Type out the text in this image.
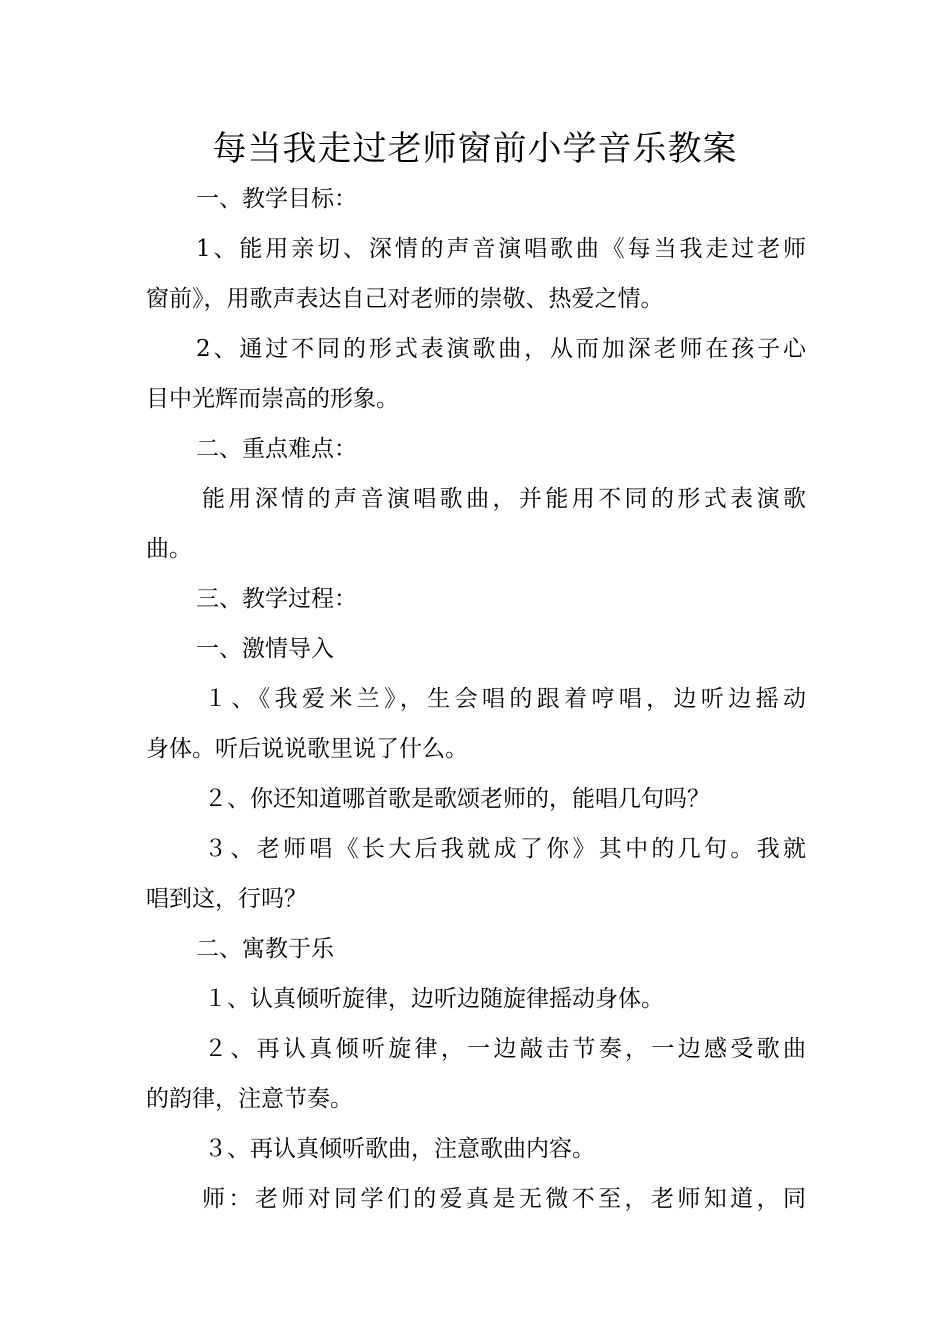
每当我走过老师窗前小学音乐教案
一、教学目标：
1、能用亲切、深情的声音演唱歌曲《每当我走过老师
窗前》，用歌声表达自己对老师的崇敬、热爱之情。
2、通过不同的形式表演歌曲，从而加深老师在孩子心
目中光辉而崇高的形象。
二、重点难点：
能用深情的声音演唱歌曲，并能用不同的形式表演歌
曲。
三、教学过程：
一、激情导入
１、《我爱米兰》，生会唱的跟着哼唱，边听边摇动
身体。听后说说歌里说了什么。
２、你还知道哪首歌是歌颂老师的，能唱几句吗？
３、老师唱《长大后我就成了你》其中的几句。我就
唱到这，行吗？
二、寓教于乐
１、认真倾听旋律，边听边随旋律摇动身体。
２、再认真倾听旋律，一边敲击节奏，一边感受歌曲
的韵律，注意节奏。
３、再认真倾听歌曲，注意歌曲内容。
师：老师对同学们的爱真是无微不至，老师知道，同
